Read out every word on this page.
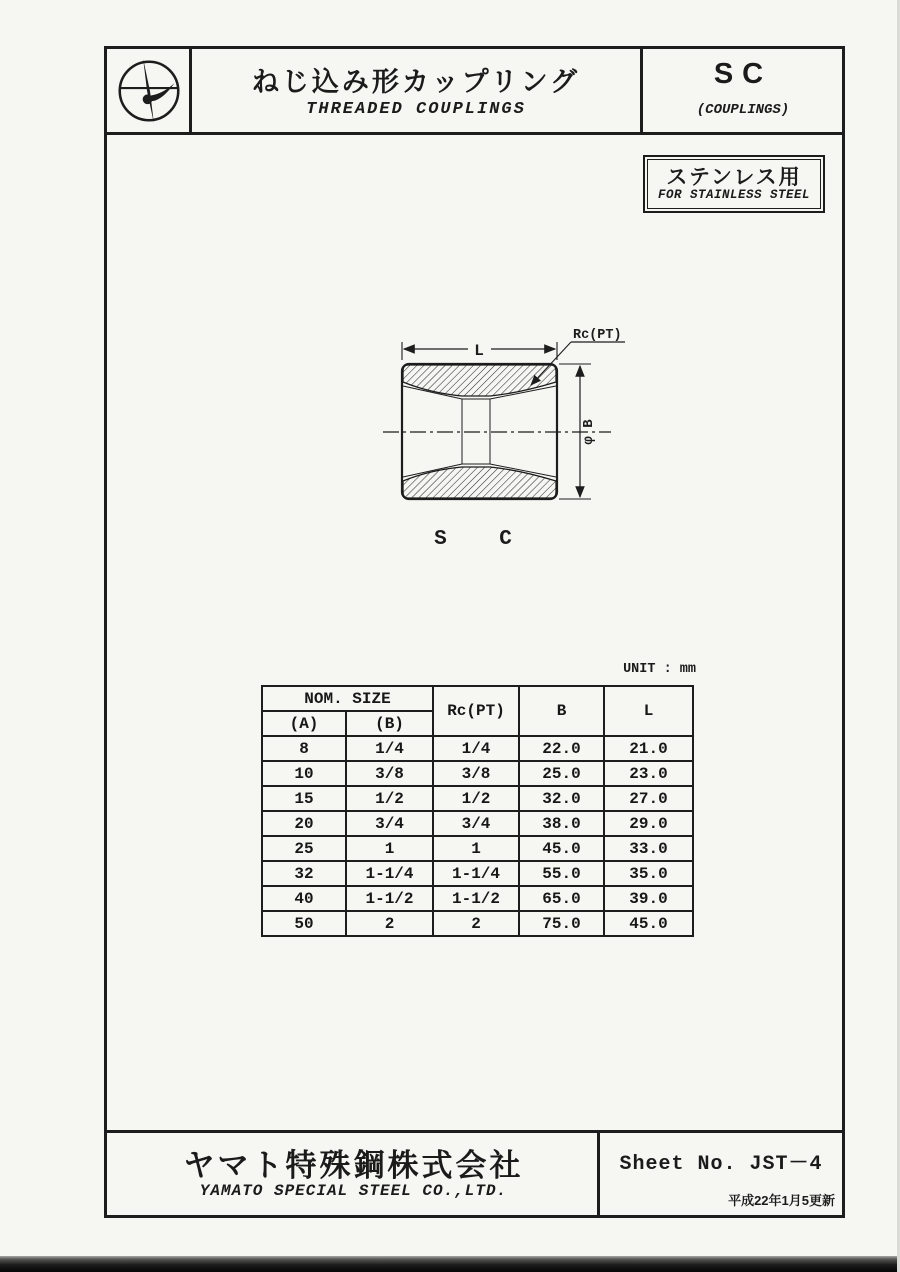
ねじ込み形カップリング
THREADED COUPLINGS
SC
(COUPLINGS)
ステンレス用
FOR STAINLESS STEEL
L
Rc(PT)
φ B
S C
UNIT : mm
NOM. SIZE		Rc(PT)	B	L
(A)	(B)			
8	1/4	1/4	22.0	21.0
10	3/8	3/8	25.0	23.0
15	1/2	1/2	32.0	27.0
20	3/4	3/4	38.0	29.0
25	1	1	45.0	33.0
32	1-1/4	1-1/4	55.0	35.0
40	1-1/2	1-1/2	65.0	39.0
50	2	2	75.0	45.0
ヤマト特殊鋼株式会社
YAMATO SPECIAL STEEL CO.,LTD.
Sheet No. JST－4
平成22年1月5更新
